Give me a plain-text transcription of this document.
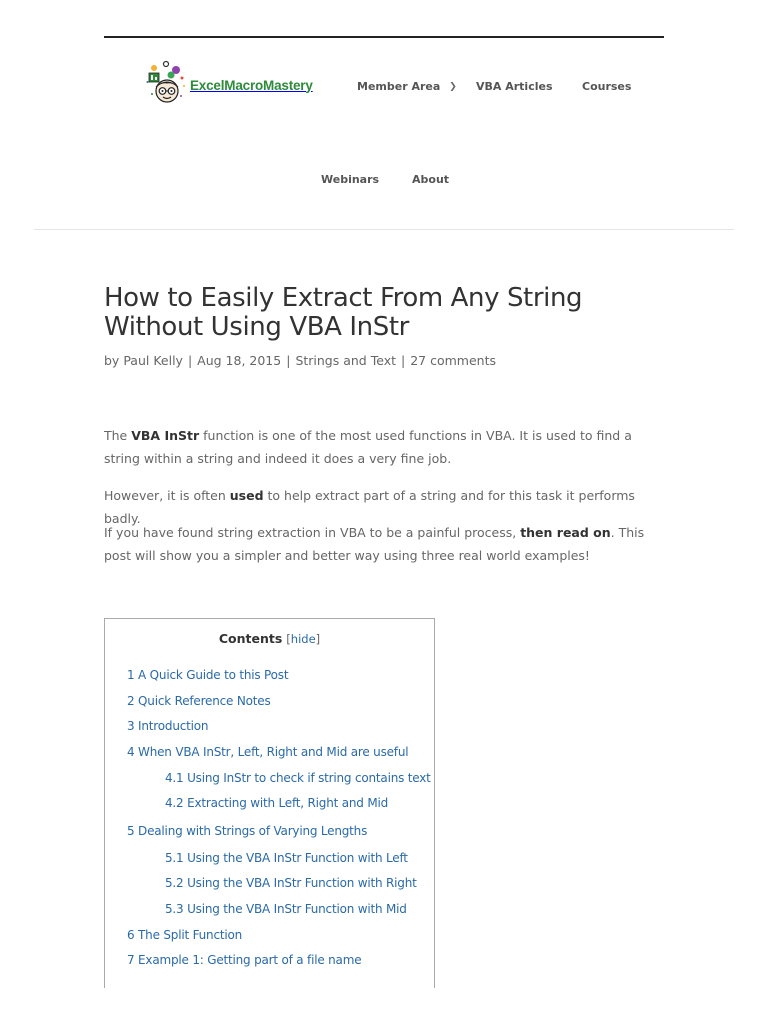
ExcelMacroMastery	Member Area ❯ VBA Articles	Courses
Webinars	About
How to Easily Extract From Any String Without Using VBA InStr
by Paul Kelly | Aug 18, 2015 | Strings and Text | 27 comments

The VBA InStr function is one of the most used functions in VBA. It is used to find a string within a string and indeed it does a very fine job.

However, it is often used to help extract part of a string and for this task it performs badly.

If you have found string extraction in VBA to be a painful process, then read on. This post will show you a simpler and better way using three real world examples!

Contents [hide]
1 A Quick Guide to this Post
2 Quick Reference Notes
3 Introduction
4 When VBA InStr, Left, Right and Mid are useful
4.1 Using InStr to check if string contains text
4.2 Extracting with Left, Right and Mid
5 Dealing with Strings of Varying Lengths
5.1 Using the VBA InStr Function with Left
5.2 Using the VBA InStr Function with Right
5.3 Using the VBA InStr Function with Mid
6 The Split Function
7 Example 1: Getting part of a file name
